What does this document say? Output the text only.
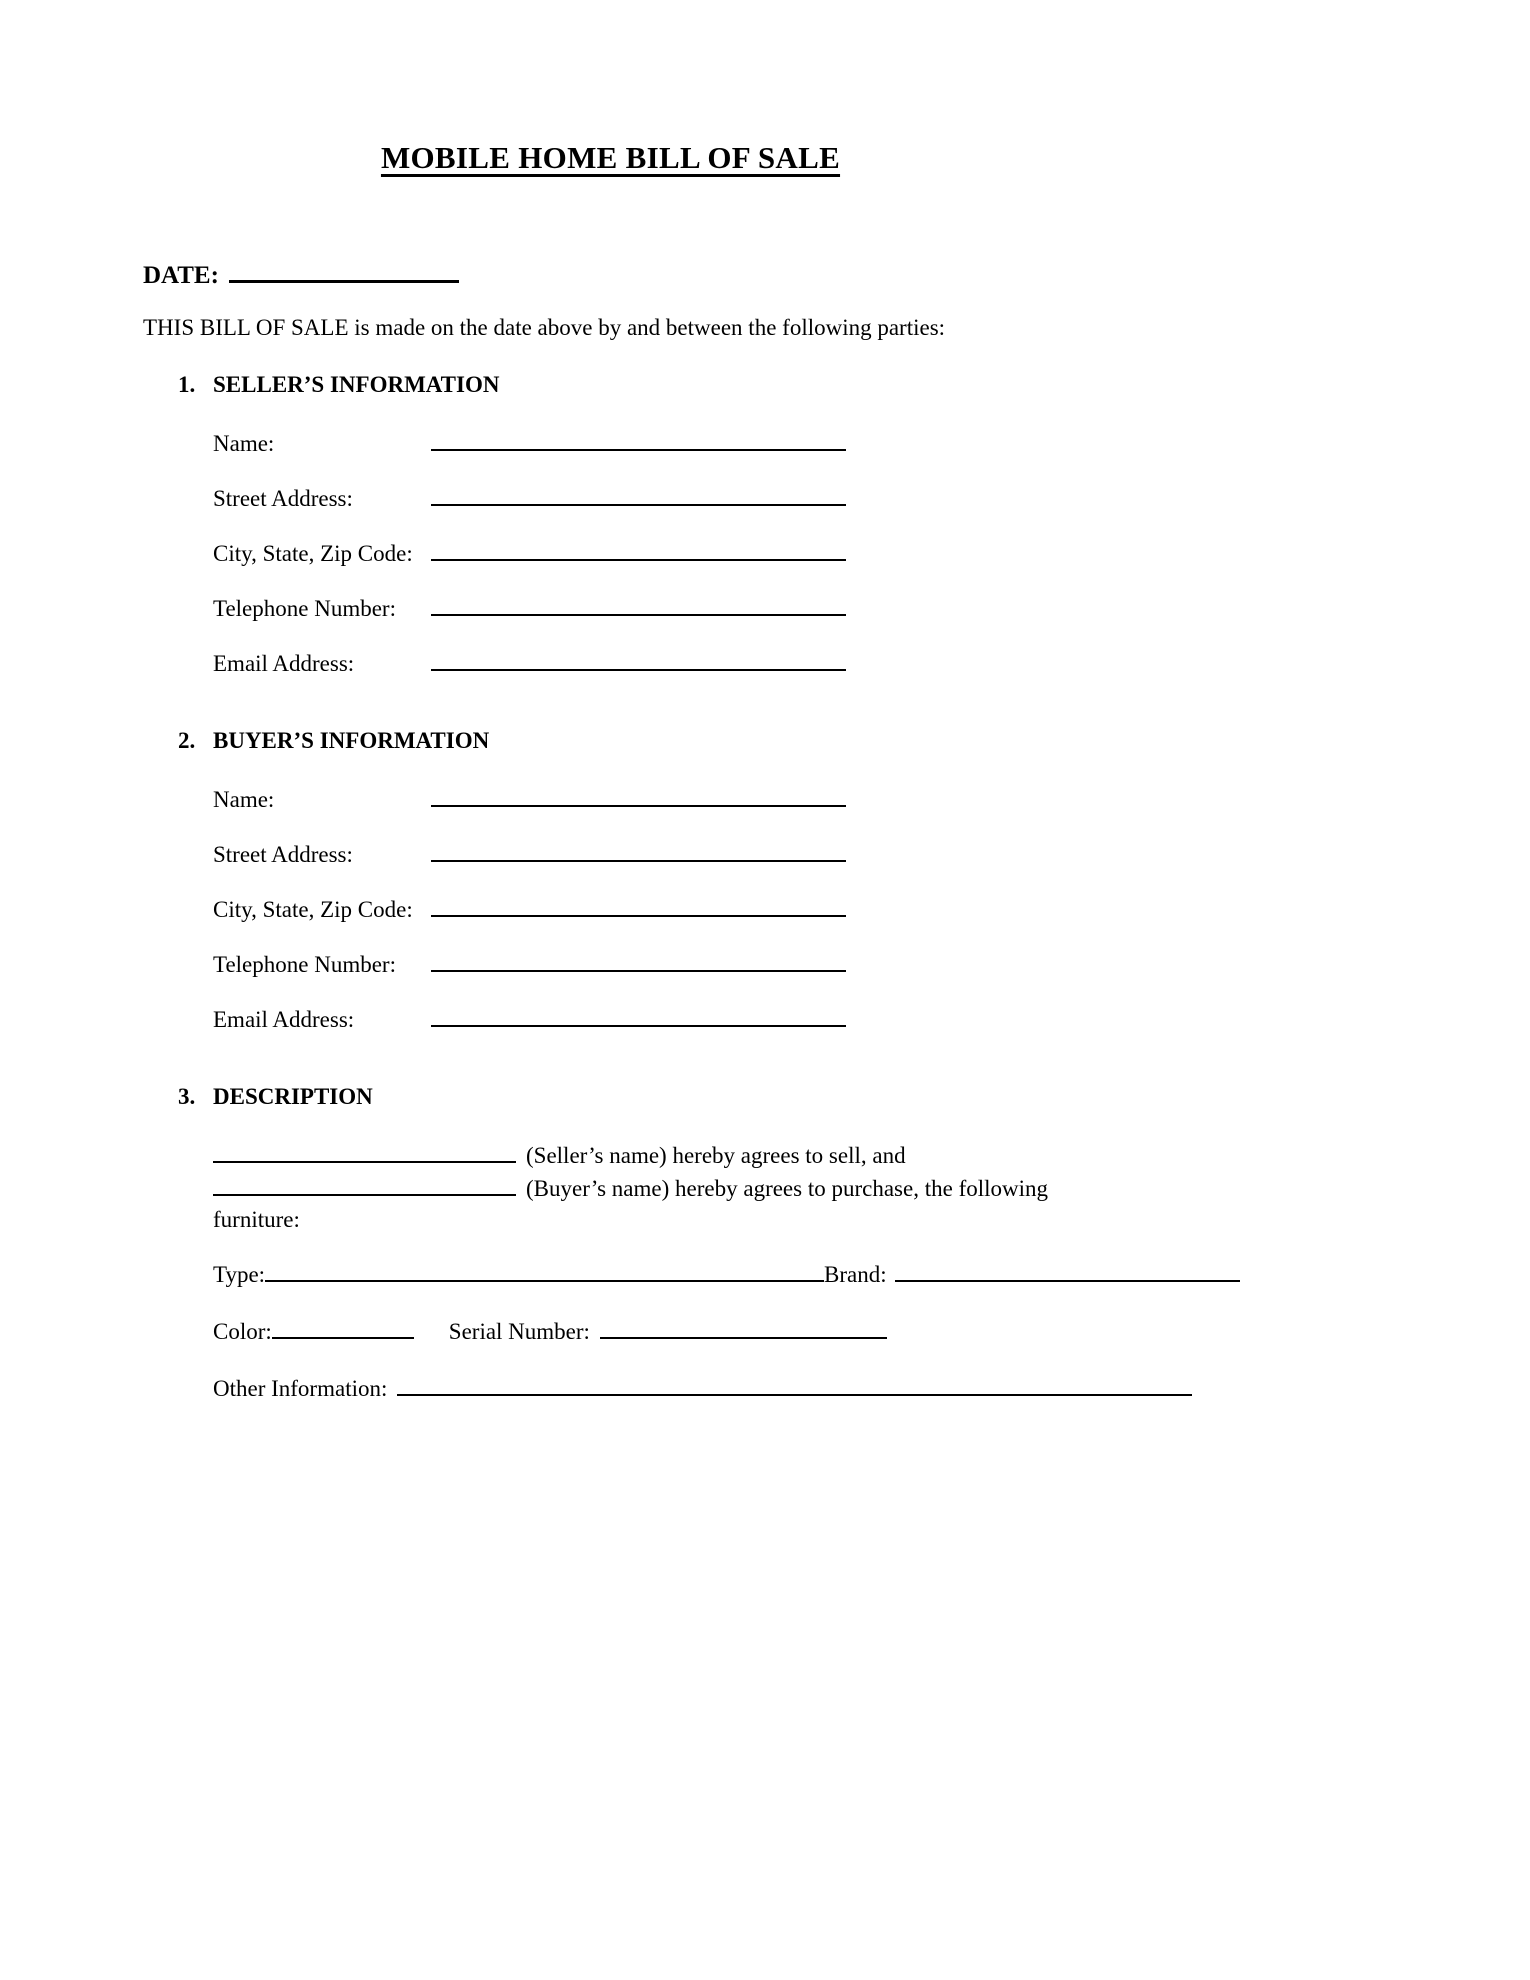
MOBILE HOME BILL OF SALE
DATE:
THIS BILL OF SALE is made on the date above by and between the following parties:
1. SELLER’S INFORMATION
Name:
Street Address:
City, State, Zip Code:
Telephone Number:
Email Address:
2. BUYER’S INFORMATION
Name:
Street Address:
City, State, Zip Code:
Telephone Number:
Email Address:
3. DESCRIPTION
(Seller’s name) hereby agrees to sell, and
(Buyer’s name) hereby agrees to purchase, the following
furniture:
Type:	Brand:
Color:	Serial Number:
Other Information:
